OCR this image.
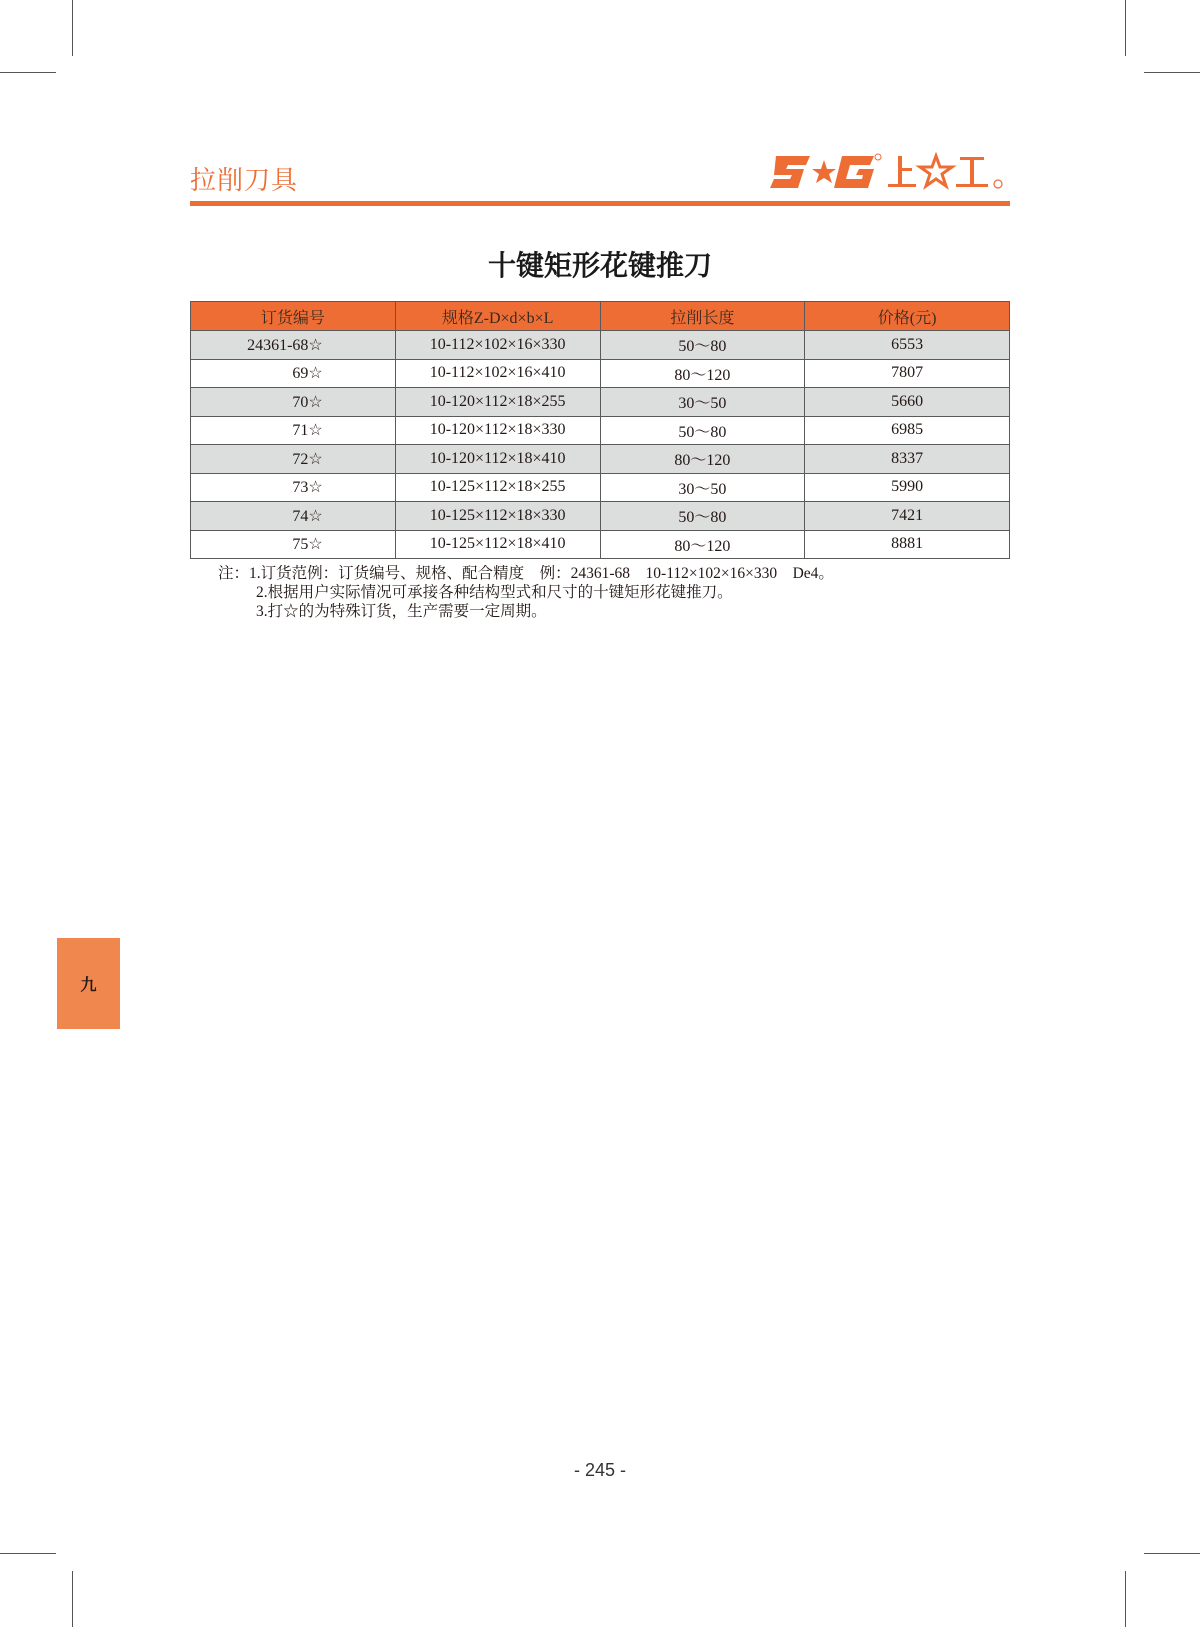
拉削刀具
十键矩形花键推刀
订货编号	规格Z-D×d×b×L	拉削长度	价格(元)
24361-68☆	10-112×102×16×330	50～80	6553
69☆	10-112×102×16×410	80～120	7807
70☆	10-120×112×18×255	30～50	5660
71☆	10-120×112×18×330	50～80	6985
72☆	10-120×112×18×410	80～120	8337
73☆	10-125×112×18×255	30～50	5990
74☆	10-125×112×18×330	50～80	7421
75☆	10-125×112×18×410	80～120	8881
注：1.订货范例：订货编号、规格、配合精度　例：24361-68　10-112×102×16×330　De4。
2.根据用户实际情况可承接各种结构型式和尺寸的十键矩形花键推刀。
3.打☆的为特殊订货，生产需要一定周期。
九
- 245 -
